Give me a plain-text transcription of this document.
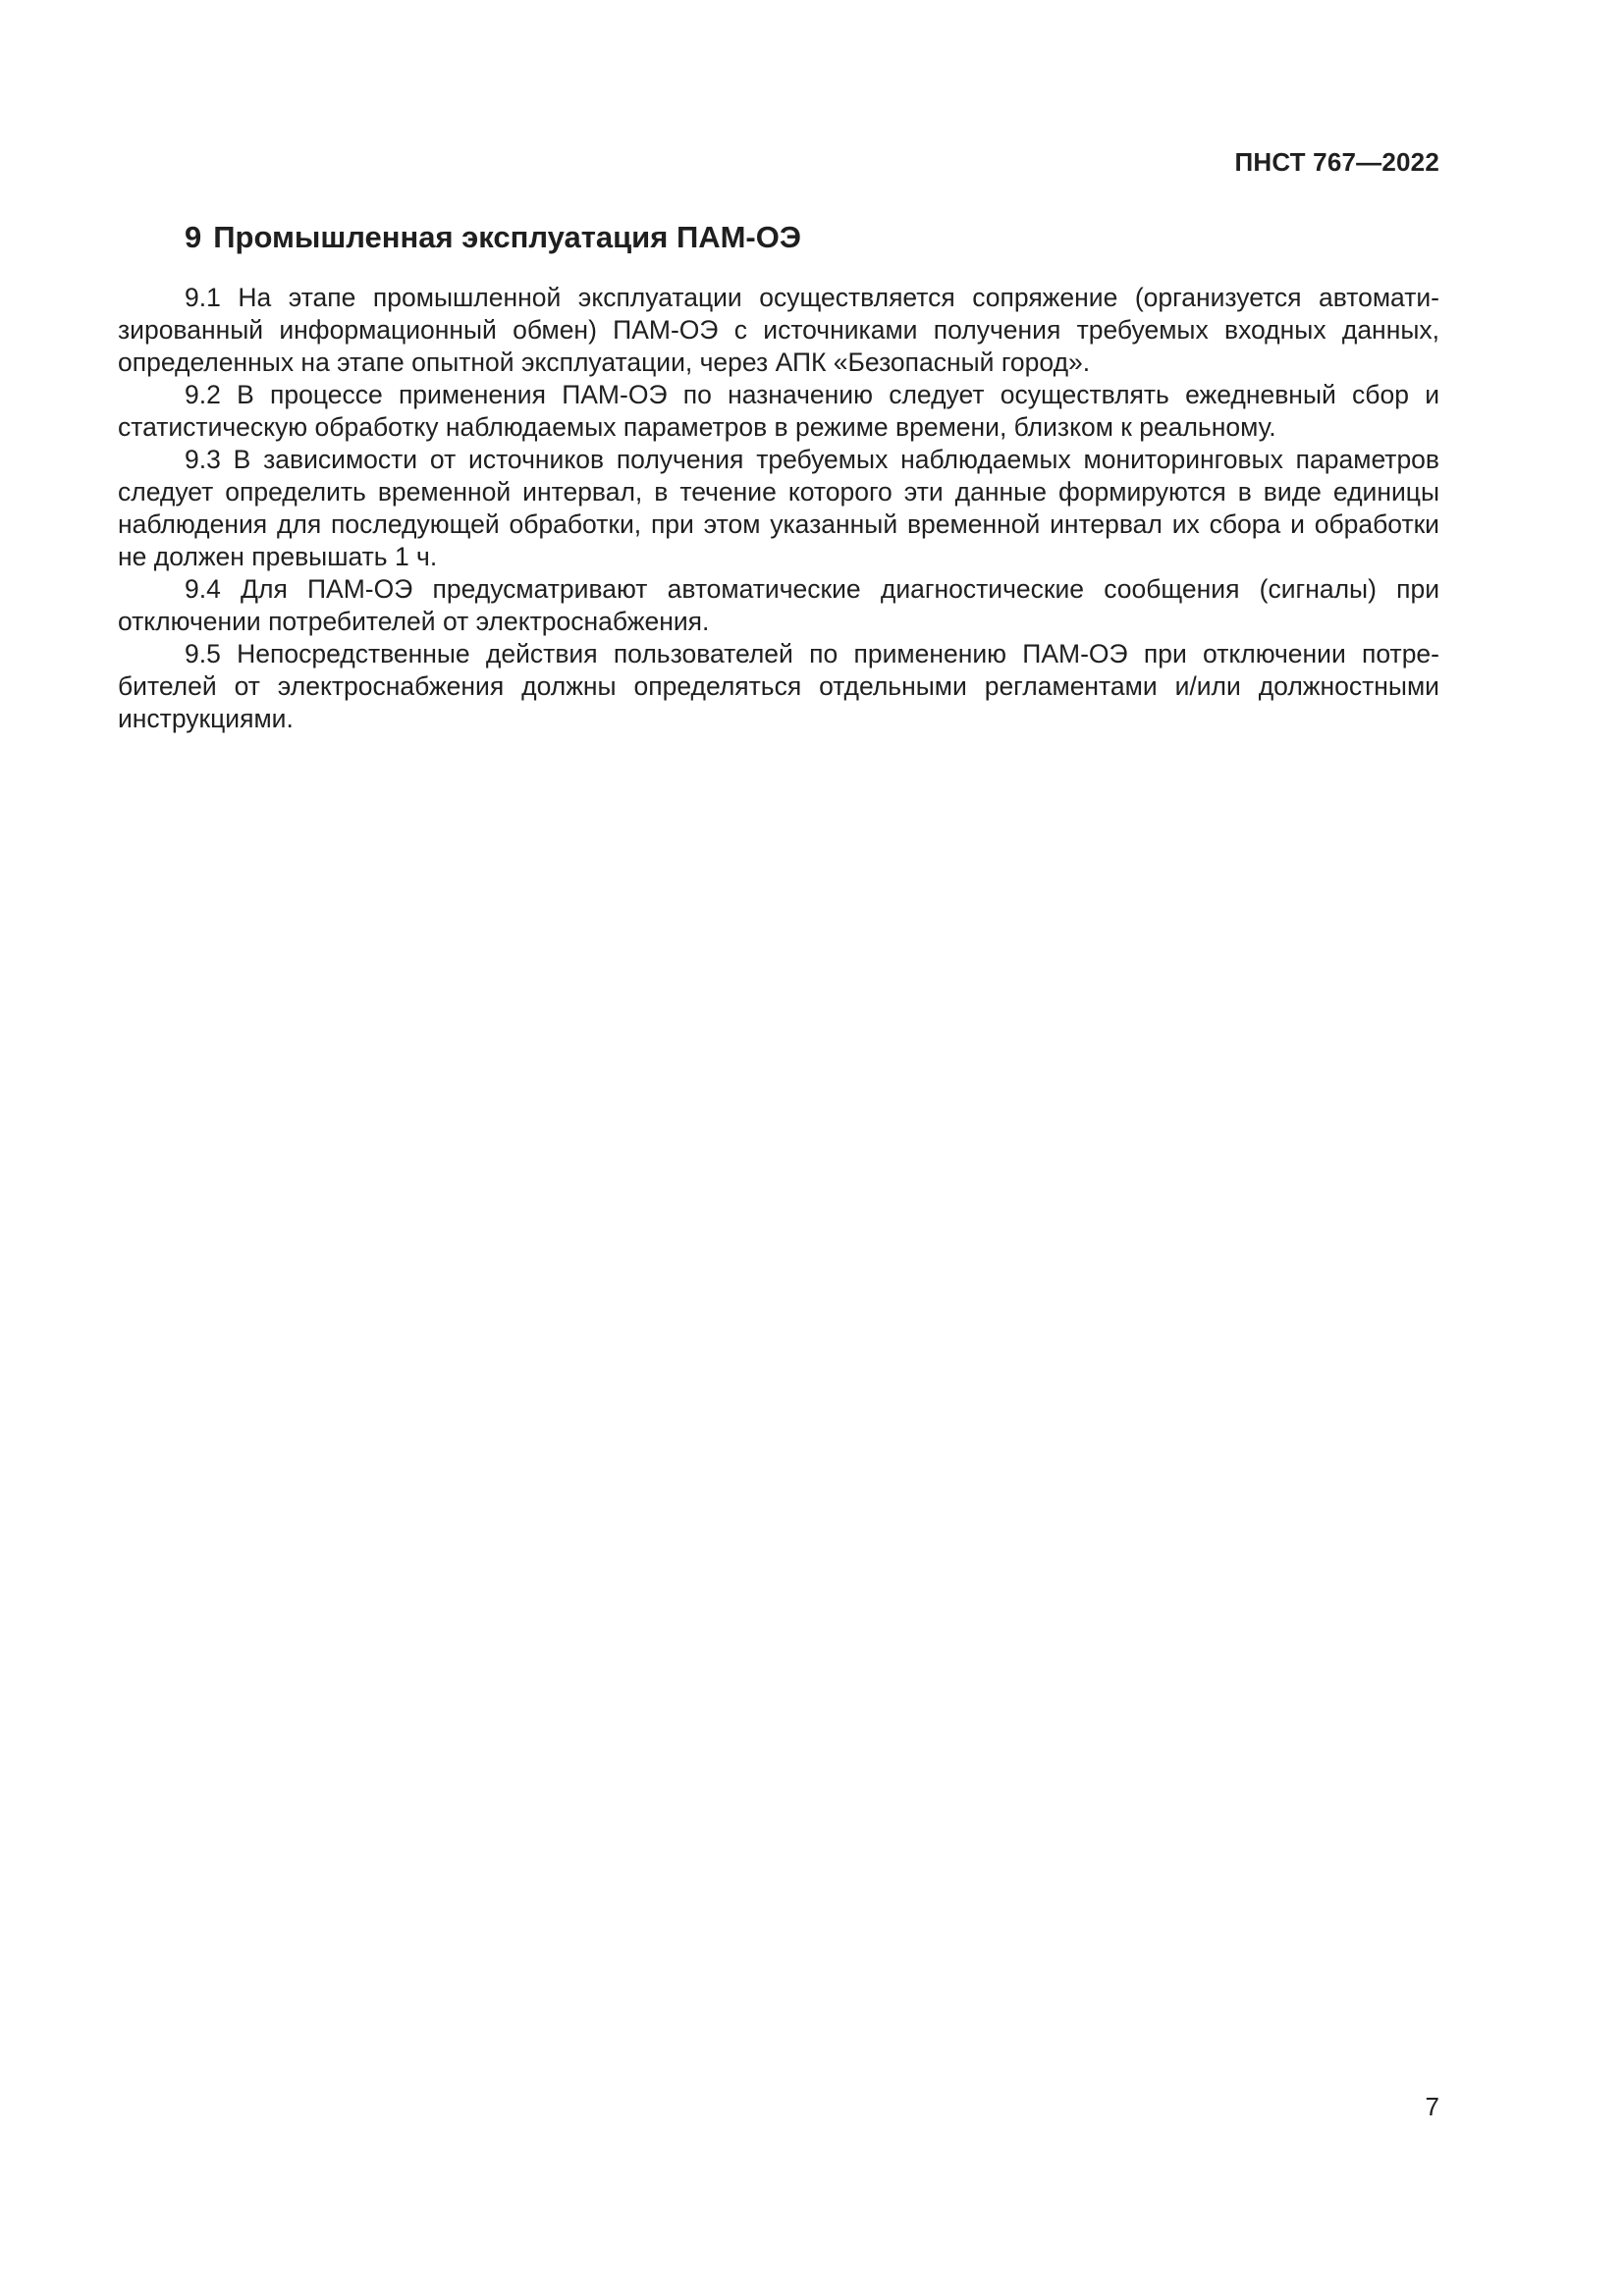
ПНСТ 767—2022
9 Промышленная эксплуатация ПАМ-ОЭ

9.1 На этапе промышленной эксплуатации осуществляется сопряжение (организуется автоматизированный информационный обмен) ПАМ-ОЭ с источниками получения требуемых входных данных, определенных на этапе опытной эксплуатации, через АПК «Безопасный город».

9.2 В процессе применения ПАМ-ОЭ по назначению следует осуществлять ежедневный сбор и статистическую обработку наблюдаемых параметров в режиме времени, близком к реальному.

9.3 В зависимости от источников получения требуемых наблюдаемых мониторинговых параметров следует определить временной интервал, в течение которого эти данные формируются в виде единицы наблюдения для последующей обработки, при этом указанный временной интервал их сбора и обработки не должен превышать 1 ч.

9.4 Для ПАМ-ОЭ предусматривают автоматические диагностические сообщения (сигналы) при отключении потребителей от электроснабжения.

9.5 Непосредственные действия пользователей по применению ПАМ-ОЭ при отключении потребителей от электроснабжения должны определяться отдельными регламентами и/или должностными инструкциями.

7
